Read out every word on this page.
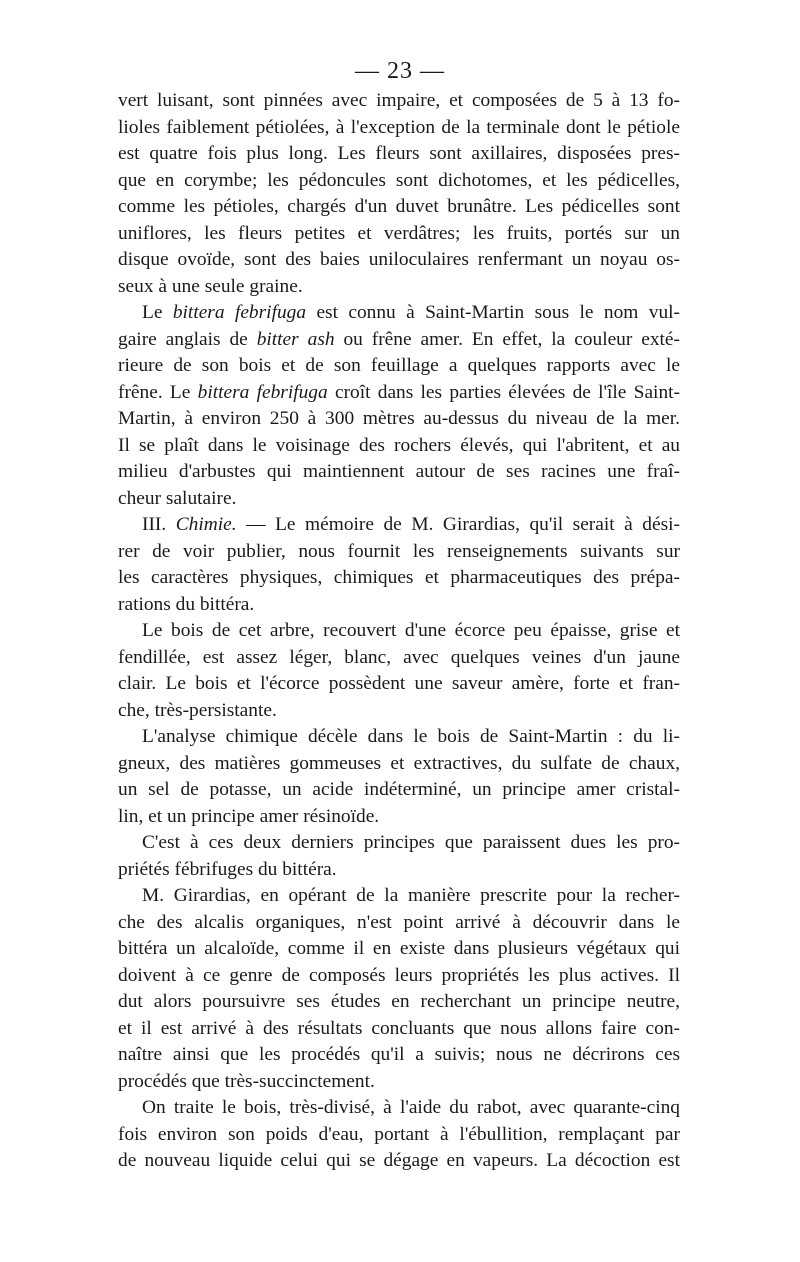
— 23 —

vert luisant, sont pinnées avec impaire, et composées de 5 à 13 fo-
lioles faiblement pétiolées, à l'exception de la terminale dont le pétiole
est quatre fois plus long. Les fleurs sont axillaires, disposées pres-
que en corymbe; les pédoncules sont dichotomes, et les pédicelles,
comme les pétioles, chargés d'un duvet brunâtre. Les pédicelles sont
uniflores, les fleurs petites et verdâtres; les fruits, portés sur un
disque ovoïde, sont des baies uniloculaires renfermant un noyau os-
seux à une seule graine.

Le bittera febrifuga est connu à Saint-Martin sous le nom vul-
gaire anglais de bitter ash ou frêne amer. En effet, la couleur exté-
rieure de son bois et de son feuillage a quelques rapports avec le
frêne. Le bittera febrifuga croît dans les parties élevées de l'île Saint-
Martin, à environ 250 à 300 mètres au-dessus du niveau de la mer.
Il se plaît dans le voisinage des rochers élevés, qui l'abritent, et au
milieu d'arbustes qui maintiennent autour de ses racines une fraî-
cheur salutaire.

III. Chimie. — Le mémoire de M. Girardias, qu'il serait à dési-
rer de voir publier, nous fournit les renseignements suivants sur
les caractères physiques, chimiques et pharmaceutiques des prépa-
rations du bittéra.

Le bois de cet arbre, recouvert d'une écorce peu épaisse, grise et
fendillée, est assez léger, blanc, avec quelques veines d'un jaune
clair. Le bois et l'écorce possèdent une saveur amère, forte et fran-
che, très-persistante.

L'analyse chimique décèle dans le bois de Saint-Martin : du li-
gneux, des matières gommeuses et extractives, du sulfate de chaux,
un sel de potasse, un acide indéterminé, un principe amer cristal-
lin, et un principe amer résinoïde.

C'est à ces deux derniers principes que paraissent dues les pro-
priétés fébrifuges du bittéra.

M. Girardias, en opérant de la manière prescrite pour la recher-
che des alcalis organiques, n'est point arrivé à découvrir dans le
bittéra un alcaloïde, comme il en existe dans plusieurs végétaux qui
doivent à ce genre de composés leurs propriétés les plus actives. Il
dut alors poursuivre ses études en recherchant un principe neutre,
et il est arrivé à des résultats concluants que nous allons faire con-
naître ainsi que les procédés qu'il a suivis; nous ne décrirons ces
procédés que très-succinctement.

On traite le bois, très-divisé, à l'aide du rabot, avec quarante-cinq
fois environ son poids d'eau, portant à l'ébullition, remplaçant par
de nouveau liquide celui qui se dégage en vapeurs. La décoction est
